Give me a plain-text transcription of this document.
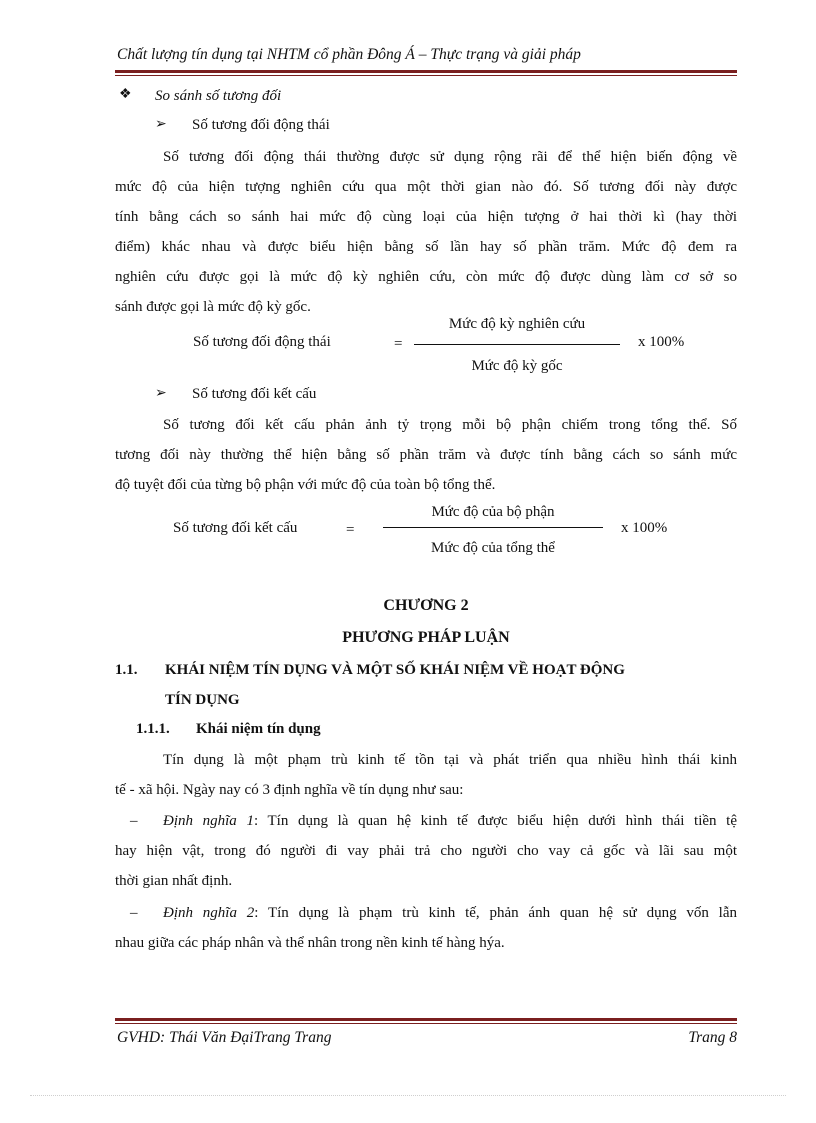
Chất lượng tín dụng tại NHTM cổ phần Đông Á – Thực trạng và giải pháp
❖ So sánh số tương đối
➢ Số tương đối động thái
Số tương đối động thái thường được sử dụng rộng rãi để thể hiện biến động về
mức độ của hiện tượng nghiên cứu qua một thời gian nào đó. Số tương đối này được
tính bằng cách so sánh hai mức độ cùng loại của hiện tượng ở hai thời kì (hay thời
điểm) khác nhau và được biểu hiện bằng số lần hay số phần trăm. Mức độ đem ra
nghiên cứu được gọi là mức độ kỳ nghiên cứu, còn mức độ được dùng làm cơ sở so
sánh được gọi là mức độ kỳ gốc.
Số tương đối động thái	=
Mức độ kỳ nghiên cứu
Mức độ kỳ gốc
x 100%
➢ Số tương đối kết cấu
Số tương đối kết cấu phản ảnh tỷ trọng mỗi bộ phận chiếm trong tổng thể. Số
tương đối này thường thể hiện bằng số phần trăm và được tính bằng cách so sánh mức
độ tuyệt đối của từng bộ phận với mức độ của toàn bộ tổng thể.
Số tương đối kết cấu	=
Mức độ của bộ phận
Mức độ của tổng thể
x 100%
CHƯƠNG 2
PHƯƠNG PHÁP LUẬN
1.1. KHÁI NIỆM TÍN DỤNG VÀ MỘT SỐ KHÁI NIỆM VỀ HOẠT ĐỘNG
TÍN DỤNG
1.1.1. Khái niệm tín dụng
Tín dụng là một phạm trù kinh tế tồn tại và phát triển qua nhiều hình thái kinh
tế - xã hội. Ngày nay có 3 định nghĩa về tín dụng như sau:
– Định nghĩa 1: Tín dụng là quan hệ kinh tế được biểu hiện dưới hình thái tiền tệ
hay hiện vật, trong đó người đi vay phải trả cho người cho vay cả gốc và lãi sau một
thời gian nhất định.
– Định nghĩa 2: Tín dụng là phạm trù kinh tế, phản ánh quan hệ sử dụng vốn lẫn
nhau giữa các pháp nhân và thể nhân trong nền kinh tế hàng hýa.
GVHD: Thái Văn ĐạiTrang Trang	Trang 8
